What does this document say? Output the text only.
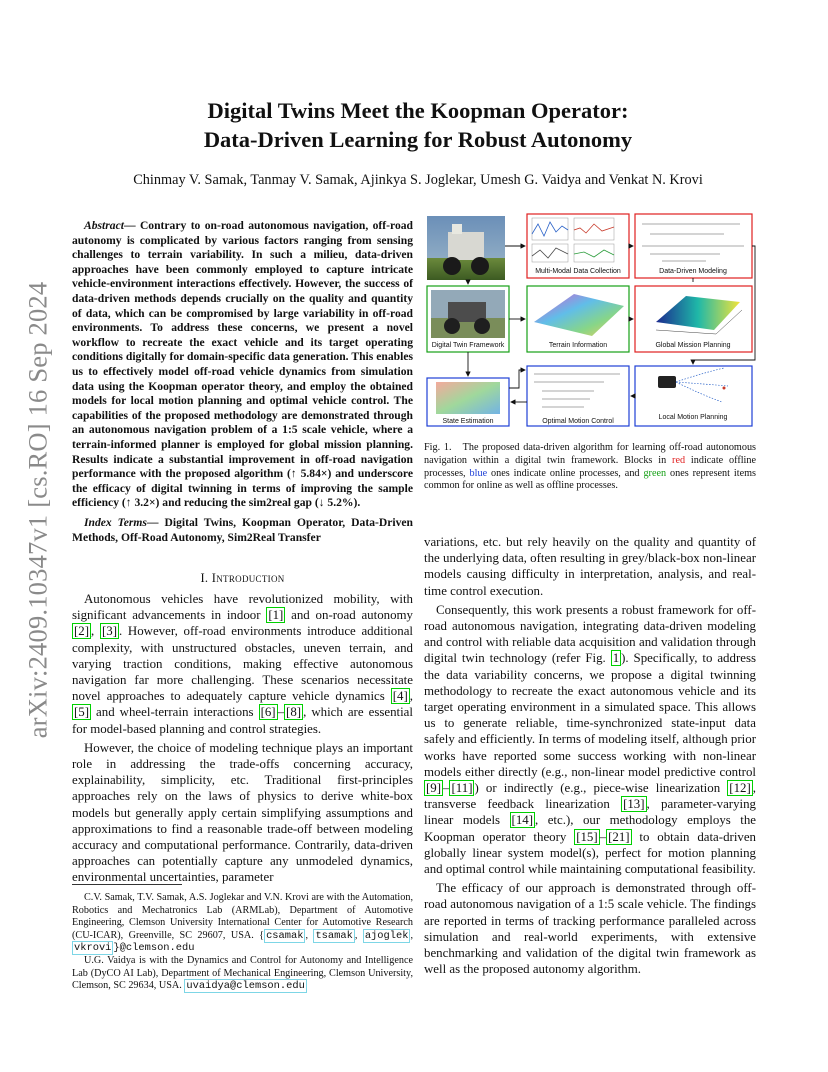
arXiv:2409.10347v1 [cs.RO] 16 Sep 2024
Digital Twins Meet the Koopman Operator:
Data-Driven Learning for Robust Autonomy
Chinmay V. Samak, Tanmay V. Samak, Ajinkya S. Joglekar, Umesh G. Vaidya and Venkat N. Krovi
Abstract— Contrary to on-road autonomous navigation, off-road autonomy is complicated by various factors ranging from sensing challenges to terrain variability. In such a milieu, data-driven approaches have been commonly employed to capture intricate vehicle-environment interactions effectively. However, the success of data-driven methods depends crucially on the quality and quantity of data, which can be compromised by large variability in off-road environments. To address these concerns, we present a novel workflow to recreate the exact vehicle and its target operating conditions digitally for domain-specific data generation. This enables us to effectively model off-road vehicle dynamics from simulation data using the Koopman operator theory, and employ the obtained models for local motion planning and optimal vehicle control. The capabilities of the proposed methodology are demonstrated through an autonomous navigation problem of a 1:5 scale vehicle, where a terrain-informed planner is employed for global mission planning. Results indicate a substantial improvement in off-road navigation performance with the proposed algorithm (↑ 5.84×) and underscore the efficacy of digital twinning in terms of improving the sample efficiency (↑ 3.2×) and reducing the sim2real gap (↓ 5.2%).
Index Terms— Digital Twins, Koopman Operator, Data-Driven Methods, Off-Road Autonomy, Sim2Real Transfer
I. Introduction

Autonomous vehicles have revolutionized mobility, with significant advancements in indoor [1] and on-road autonomy [2] , [3] . However, off-road environments introduce additional complexity, with unstructured obstacles, uneven terrain, and varying traction conditions, making effective autonomous navigation far more challenging. These scenarios necessitate novel approaches to adequately capture vehicle dynamics [4] , [5] and wheel-terrain interactions [6] – [8] , which are essential for model-based planning and control strategies.

However, the choice of modeling technique plays an important role in addressing the trade-offs concerning accuracy, explainability, simplicity, etc. Traditional first-principles approaches rely on the laws of physics to derive white-box models but generally apply certain simplifying assumptions and approximations to find a reasonable trade-off between modeling accuracy and computational performance. Contrarily, data-driven approaches can potentially capture any unmodeled dynamics, environmental uncertainties, parameter

C.V. Samak, T.V. Samak, A.S. Joglekar and V.N. Krovi are with the Automation, Robotics and Mechatronics Lab (ARMLab), Department of Automotive Engineering, Clemson University International Center for Automotive Research (CU-ICAR), Greenville, SC 29607, USA. { csamak , tsamak , ajoglek , vkrovi }@clemson.edu
U.G. Vaidya is with the Dynamics and Control for Autonomy and Intelligence Lab (DyCO AI Lab), Department of Mechanical Engineering, Clemson University, Clemson, SC 29634, USA. uvaidya@clemson.edu
Multi-Modal Data Collection	Data-Driven Modeling
Digital Twin Framework	Terrain Information	Global Mission Planning
State Estimation	Optimal Motion Control
Local Motion Planning
Fig. 1. The proposed data-driven algorithm for learning off-road autonomous navigation within a digital twin framework. Blocks in red indicate offline processes, blue ones indicate online processes, and green ones represent items common for online as well as offline processes.

variations, etc. but rely heavily on the quality and quantity of the underlying data, often resulting in grey/black-box non-linear models causing difficulty in interpretation, analysis, and real-time control execution.

Consequently, this work presents a robust framework for off-road autonomous navigation, integrating data-driven modeling and control with reliable data acquisition and validation through digital twin technology (refer Fig. 1 ). Specifically, to address the data variability concerns, we propose a digital twinning methodology to recreate the exact autonomous vehicle and its target operating environment in a simulated space. This allows us to generate reliable, time-synchronized state-input data safely and efficiently. In terms of modeling itself, although prior works have reported some success working with non-linear models either directly (e.g., non-linear model predictive control [9] – [11] ) or indirectly (e.g., piece-wise linearization [12] , transverse feedback linearization [13] , parameter-varying linear models [14] , etc.), our methodology employs the Koopman operator theory [15] – [21] to obtain data-driven globally linear system model(s), perfect for motion planning and optimal control while maintaining computational feasibility.

The efficacy of our approach is demonstrated through off-road autonomous navigation of a 1:5 scale vehicle. The findings are reported in terms of tracking performance paralleled across simulation and real-world experiments, with extensive benchmarking and validation of the digital twin framework as well as the proposed autonomy algorithm.
